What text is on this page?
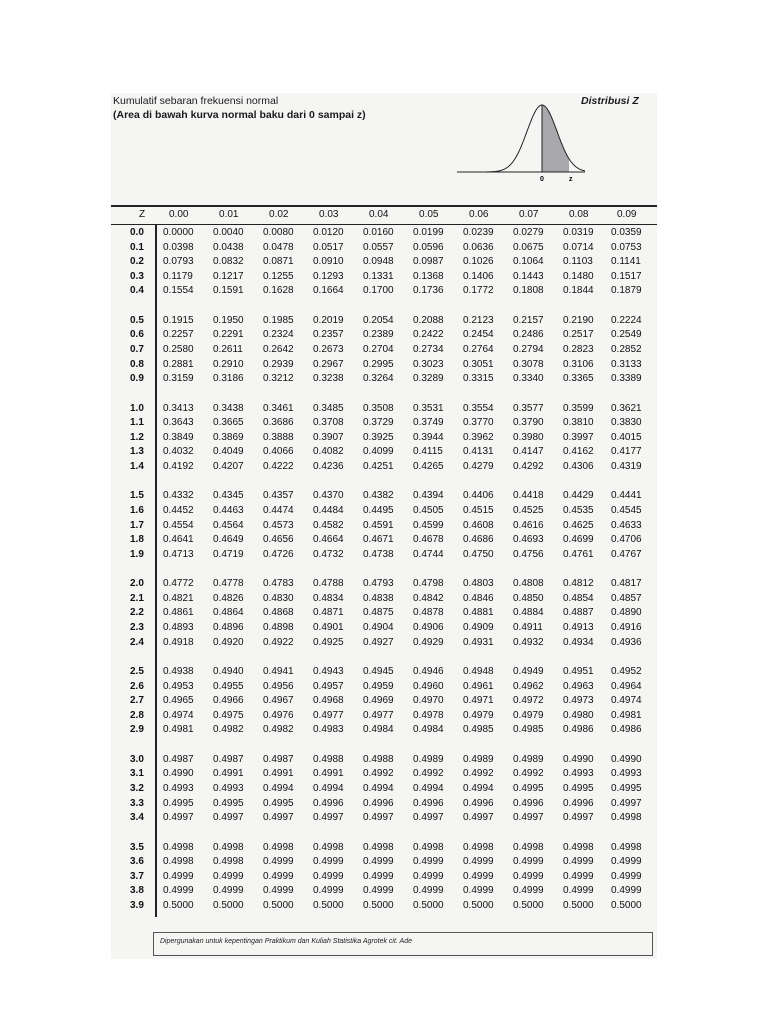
Kumulatif sebaran frekuensi normal
(Area di bawah kurva normal baku dari 0 sampai z)
Distribusi Z
0	z
Z 0.00	0.01	0.02	0.03	0.04	0.05	0.06	0.07	0.08	0.09
0.0 0.0000 0.0040 0.0080 0.0120 0.0160 0.0199 0.0239 0.0279 0.0319 0.0359
0.1 0.0398 0.0438 0.0478 0.0517 0.0557 0.0596 0.0636 0.0675 0.0714 0.0753
0.2 0.0793 0.0832 0.0871 0.0910 0.0948 0.0987 0.1026 0.1064 0.1103 0.1141
0.3 0.1179 0.1217 0.1255 0.1293 0.1331 0.1368 0.1406 0.1443 0.1480 0.1517
0.4 0.1554 0.1591 0.1628 0.1664 0.1700 0.1736 0.1772 0.1808 0.1844 0.1879
0.5 0.1915 0.1950 0.1985 0.2019 0.2054 0.2088 0.2123 0.2157 0.2190 0.2224
0.6 0.2257 0.2291 0.2324 0.2357 0.2389 0.2422 0.2454 0.2486 0.2517 0.2549
0.7 0.2580 0.2611 0.2642 0.2673 0.2704 0.2734 0.2764 0.2794 0.2823 0.2852
0.8 0.2881 0.2910 0.2939 0.2967 0.2995 0.3023 0.3051 0.3078 0.3106 0.3133
0.9 0.3159 0.3186 0.3212 0.3238 0.3264 0.3289 0.3315 0.3340 0.3365 0.3389
1.0 0.3413 0.3438 0.3461 0.3485 0.3508 0.3531 0.3554 0.3577 0.3599 0.3621
1.1 0.3643 0.3665 0.3686 0.3708 0.3729 0.3749 0.3770 0.3790 0.3810 0.3830
1.2 0.3849 0.3869 0.3888 0.3907 0.3925 0.3944 0.3962 0.3980 0.3997 0.4015
1.3 0.4032 0.4049 0.4066 0.4082 0.4099 0.4115 0.4131 0.4147 0.4162 0.4177
1.4 0.4192 0.4207 0.4222 0.4236 0.4251 0.4265 0.4279 0.4292 0.4306 0.4319
1.5 0.4332 0.4345 0.4357 0.4370 0.4382 0.4394 0.4406 0.4418 0.4429 0.4441
1.6 0.4452 0.4463 0.4474 0.4484 0.4495 0.4505 0.4515 0.4525 0.4535 0.4545
1.7 0.4554 0.4564 0.4573 0.4582 0.4591 0.4599 0.4608 0.4616 0.4625 0.4633
1.8 0.4641 0.4649 0.4656 0.4664 0.4671 0.4678 0.4686 0.4693 0.4699 0.4706
1.9 0.4713 0.4719 0.4726 0.4732 0.4738 0.4744 0.4750 0.4756 0.4761 0.4767
2.0 0.4772 0.4778 0.4783 0.4788 0.4793 0.4798 0.4803 0.4808 0.4812 0.4817
2.1 0.4821 0.4826 0.4830 0.4834 0.4838 0.4842 0.4846 0.4850 0.4854 0.4857
2.2 0.4861 0.4864 0.4868 0.4871 0.4875 0.4878 0.4881 0.4884 0.4887 0.4890
2.3 0.4893 0.4896 0.4898 0.4901 0.4904 0.4906 0.4909 0.4911 0.4913 0.4916
2.4 0.4918 0.4920 0.4922 0.4925 0.4927 0.4929 0.4931 0.4932 0.4934 0.4936
2.5 0.4938 0.4940 0.4941 0.4943 0.4945 0.4946 0.4948 0.4949 0.4951 0.4952
2.6 0.4953 0.4955 0.4956 0.4957 0.4959 0.4960 0.4961 0.4962 0.4963 0.4964
2.7 0.4965 0.4966 0.4967 0.4968 0.4969 0.4970 0.4971 0.4972 0.4973 0.4974
2.8 0.4974 0.4975 0.4976 0.4977 0.4977 0.4978 0.4979 0.4979 0.4980 0.4981
2.9 0.4981 0.4982 0.4982 0.4983 0.4984 0.4984 0.4985 0.4985 0.4986 0.4986
3.0 0.4987 0.4987 0.4987 0.4988 0.4988 0.4989 0.4989 0.4989 0.4990 0.4990
3.1 0.4990 0.4991 0.4991 0.4991 0.4992 0.4992 0.4992 0.4992 0.4993 0.4993
3.2 0.4993 0.4993 0.4994 0.4994 0.4994 0.4994 0.4994 0.4995 0.4995 0.4995
3.3 0.4995 0.4995 0.4995 0.4996 0.4996 0.4996 0.4996 0.4996 0.4996 0.4997
3.4 0.4997 0.4997 0.4997 0.4997 0.4997 0.4997 0.4997 0.4997 0.4997 0.4998
3.5 0.4998 0.4998 0.4998 0.4998 0.4998 0.4998 0.4998 0.4998 0.4998 0.4998
3.6 0.4998 0.4998 0.4999 0.4999 0.4999 0.4999 0.4999 0.4999 0.4999 0.4999
3.7 0.4999 0.4999 0.4999 0.4999 0.4999 0.4999 0.4999 0.4999 0.4999 0.4999
3.8 0.4999 0.4999 0.4999 0.4999 0.4999 0.4999 0.4999 0.4999 0.4999 0.4999
3.9 0.5000 0.5000 0.5000 0.5000 0.5000 0.5000 0.5000 0.5000 0.5000 0.5000
Dipergunakan untuk kepentingan Praktikum dan Kuliah Statistika Agrotek cit. Ade
